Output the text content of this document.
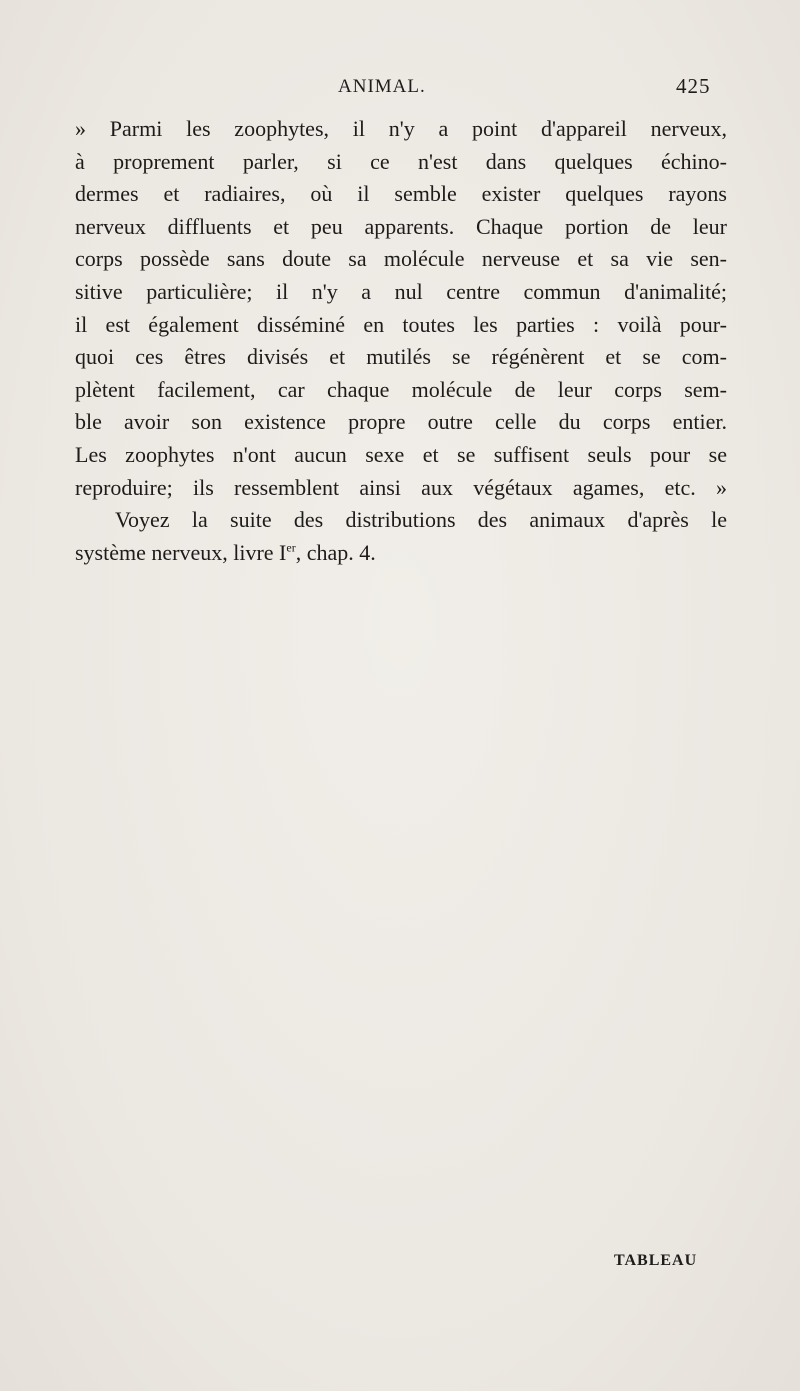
ANIMAL.	425
» Parmi les zoophytes, il n'y a point d'appareil nerveux,
à proprement parler, si ce n'est dans quelques échino-
dermes et radiaires, où il semble exister quelques rayons
nerveux diffluents et peu apparents. Chaque portion de leur
corps possède sans doute sa molécule nerveuse et sa vie sen-
sitive particulière; il n'y a nul centre commun d'animalité;
il est également disséminé en toutes les parties : voilà pour-
quoi ces êtres divisés et mutilés se régénèrent et se com-
plètent facilement, car chaque molécule de leur corps sem-
ble avoir son existence propre outre celle du corps entier.
Les zoophytes n'ont aucun sexe et se suffisent seuls pour se
reproduire; ils ressemblent ainsi aux végétaux agames, etc. »
Voyez la suite des distributions des animaux d'après le
système nerveux, livre Ier, chap. 4.
TABLEAU
